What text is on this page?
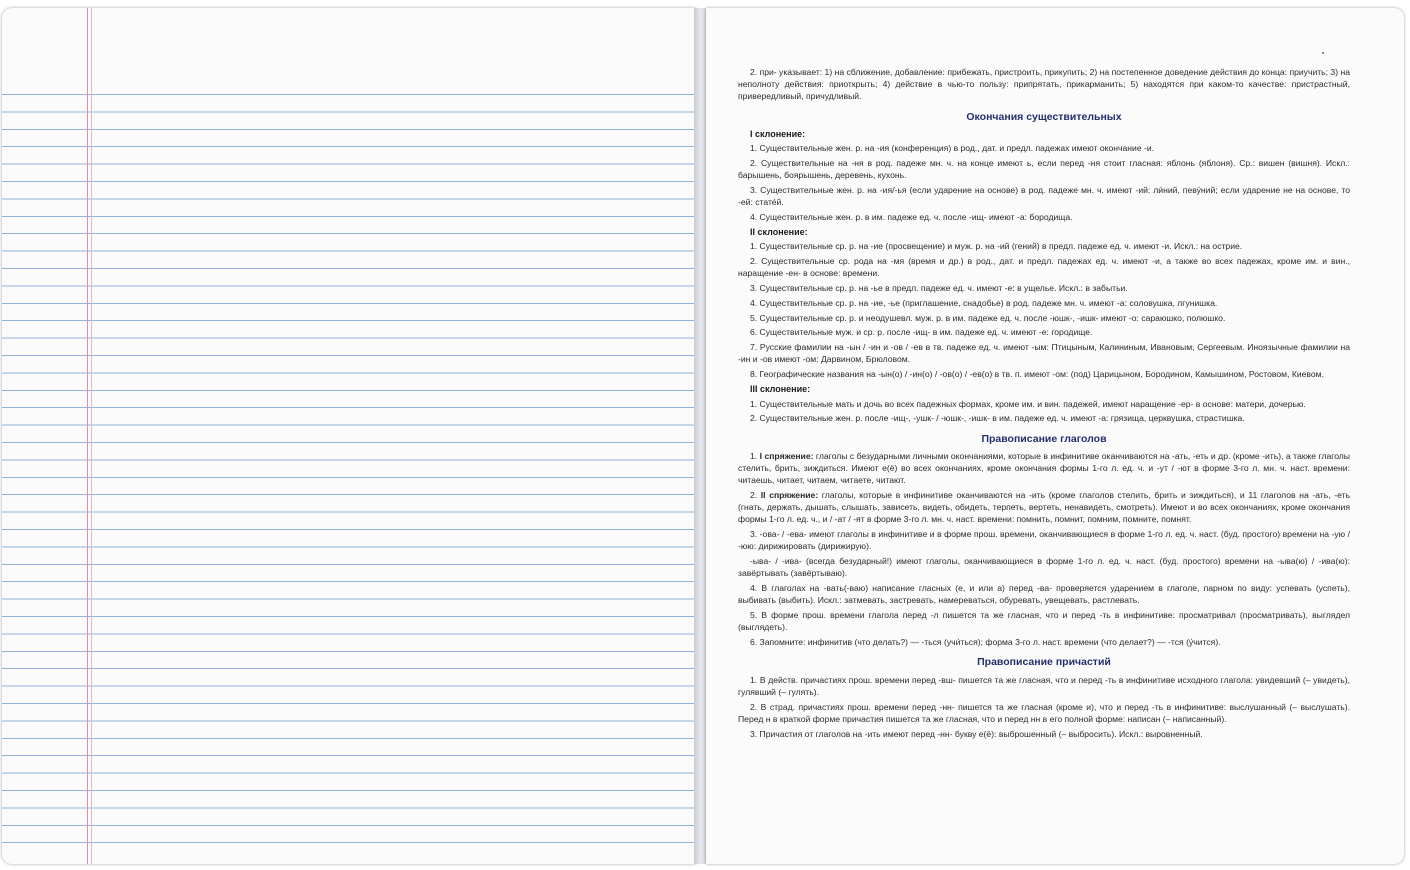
2. при- указывает: 1) на сближение, добавление: прибежать, пристроить, прикупить; 2) на постепенное доведение действия до конца: приучить; 3) на неполноту действия: приоткрыть; 4) действие в чью-то пользу: припрятать, прикарманить; 5) находятся при каком-то качестве: пристрастный, привередливый, причудливый.

Окончания существительных
I склонение:

1. Существительные жен. р. на -ия (конференция) в род., дат. и предл. падежах имеют окончание -и.

2. Существительные на -ня в род. падеже мн. ч. на конце имеют ь, если перед -ня стоит гласная: яблонь (яблоня). Ср.: вишен (вишня). Искл.: барышень, боярышень, деревень, кухонь.

3. Существительные жен. р. на -ия/-ья (если ударение на основе) в род. падеже мн. ч. имеют -ий: ли́ний, певу́ний; если ударение не на основе, то -ей: стате́й.

4. Существительные жен. р. в им. падеже ед. ч. после -ищ- имеют -а: бородища.

II склонение:

1. Существительные ср. р. на -ие (просвещение) и муж. р. на -ий (гений) в предл. падеже ед. ч. имеют -и. Искл.: на острие.

2. Существительные ср. рода на -мя (время и др.) в род., дат. и предл. падежах ед. ч. имеют -и, а также во всех падежах, кроме им. и вин., наращение -ен- в основе: времени.

3. Существительные ср. р. на -ье в предл. падеже ед. ч. имеют -е: в ущелье. Искл.: в забытьи.

4. Существительные ср. р. на -ие, -ье (приглашение, снадобье) в род. падеже мн. ч. имеют -а: соловушка, лгунишка.

5. Существительные ср. р. и неодушевл. муж. р. в им. падеже ед. ч. после -юшк-, -ишк- имеют -о: сараюшко, полюшко.

6. Существительные муж. и ср. р. после -ищ- в им. падеже ед. ч. имеют -е: городище.

7. Русские фамилии на -ын / -ин и -ов / -ев в тв. падеже ед. ч. имеют -ым: Птицыным, Калининым, Ивановым, Сергеевым. Иноязычные фамилии на -ин и -ов имеют -ом: Дарвином, Брюловом.

8. Географические названия на -ын(о) / -ин(о) / -ов(о) / -ев(о) в тв. п. имеют -ом: (под) Царицыном, Бородином, Камышином, Ростовом, Киевом.

III склонение:

1. Существительные мать и дочь во всех падежных формах, кроме им. и вин. падежей, имеют наращение -ер- в основе: матери, дочерью.

2. Существительные жен. р. после -ищ-, -ушк- / -юшк-, -ишк- в им. падеже ед. ч. имеют -а: грязища, церквушка, страстишка.

Правописание глаголов

1. I спряжение: глаголы с безударными личными окончаниями, которые в инфинитиве оканчиваются на -ать, -еть и др. (кроме -ить), а также глаголы стелить, брить, зиждиться. Имеют е(ё) во всех окончаниях, кроме окончания формы 1-го л. ед. ч. и -ут / -ют в форме 3-го л. мн. ч. наст. времени: читаешь, читает, читаем, читаете, читают.

2. II спряжение: глаголы, которые в инфинитиве оканчиваются на -ить (кроме глаголов стелить, брить и зиждиться), и 11 глаголов на -ать, -еть (гнать, держать, дышать, слышать, зависеть, видеть, обидеть, терпеть, вертеть, ненавидеть, смотреть). Имеют и во всех окончаниях, кроме окончания формы 1-го л. ед. ч., и / -ат / -ят в форме 3-го л. мн. ч. наст. времени: помнить, помнит, помним, помните, помнят.

3. -ова- / -ева- имеют глаголы в инфинитиве и в форме прош. времени, оканчивающиеся в форме 1-го л. ед. ч. наст. (буд. простого) времени на -ую / -юю: дирижировать (дирижирую).

-ыва- / -ива- (всегда безударный!) имеют глаголы, оканчивающиеся в форме 1-го л. ед. ч. наст. (буд. простого) времени на -ыва(ю) / -ива(ю): завёртывать (завёртываю).

4. В глаголах на -вать(-ваю) написание гласных (е, и или а) перед -ва- проверяется ударением в глаголе, парном по виду: успевать (успеть), выбивать (выбить). Искл.: затмевать, застревать, намереваться, обуревать, увещевать, растлевать.

5. В форме прош. времени глагола перед -л пишется та же гласная, что и перед -ть в инфинитиве: просматривал (просматривать), выглядел (выглядеть).

6. Запомните: инфинитив (что делать?) — -ться (учи́ться); форма 3-го л. наст. времени (что делает?) — -тся (у́чится).

Правописание причастий

1. В действ. причастиях прош. времени перед -вш- пишется та же гласная, что и перед -ть в инфинитиве исходного глагола: увидевший (– увидеть), гулявший (– гулять).

2. В страд. причастиях прош. времени перед -нн- пишется та же гласная (кроме и), что и перед -ть в инфинитиве: выслушанный (– выслушать). Перед н в краткой форме причастия пишется та же гласная, что и перед нн в его полной форме: написан (– написанный).

3. Причастия от глаголов на -ить имеют перед -нн- букву е(ё): выброшенный (– выбросить). Искл.: выровненный.
